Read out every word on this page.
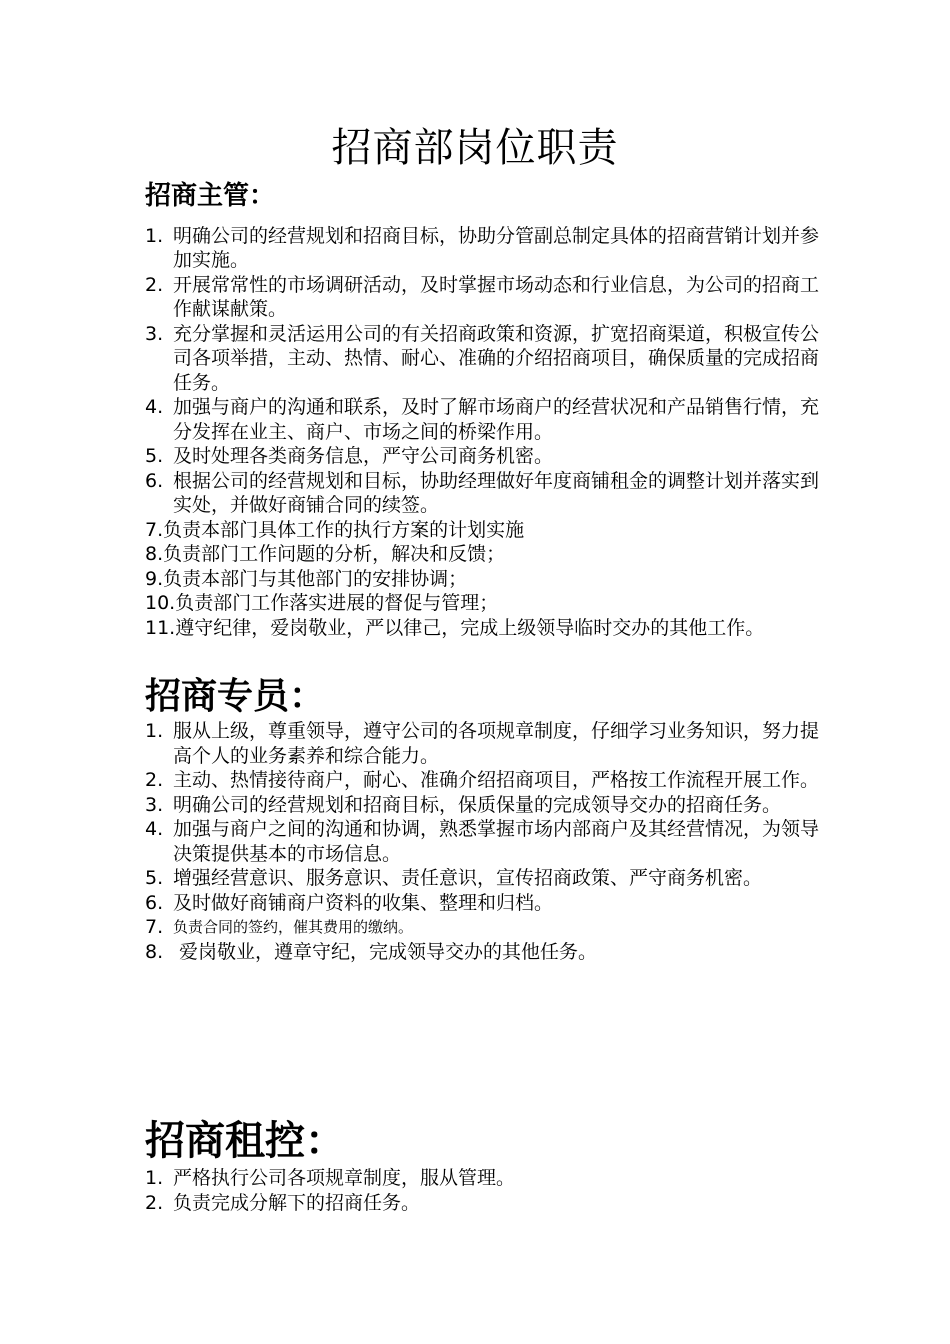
招商部岗位职责
招商主管：
1. 明确公司的经营规划和招商目标，协助分管副总制定具体的招商营销计划并参加实施。
2. 开展常常性的市场调研活动，及时掌握市场动态和行业信息，为公司的招商工作献谋献策。
3. 充分掌握和灵活运用公司的有关招商政策和资源，扩宽招商渠道，积极宣传公司各项举措，主动、热情、耐心、准确的介绍招商项目，确保质量的完成招商任务。
4. 加强与商户的沟通和联系，及时了解市场商户的经营状况和产品销售行情，充分发挥在业主、商户、市场之间的桥梁作用。
5. 及时处理各类商务信息，严守公司商务机密。
6. 根据公司的经营规划和目标，协助经理做好年度商铺租金的调整计划并落实到实处，并做好商铺合同的续签。
7.负责本部门具体工作的执行方案的计划实施
8.负责部门工作问题的分析，解决和反馈；
9.负责本部门与其他部门的安排协调；
10.负责部门工作落实进展的督促与管理；
11.遵守纪律，爱岗敬业，严以律己，完成上级领导临时交办的其他工作。
招商专员：
1. 服从上级，尊重领导，遵守公司的各项规章制度，仔细学习业务知识，努力提高个人的业务素养和综合能力。
2. 主动、热情接待商户，耐心、准确介绍招商项目，严格按工作流程开展工作。
3. 明确公司的经营规划和招商目标，保质保量的完成领导交办的招商任务。
4. 加强与商户之间的沟通和协调，熟悉掌握市场内部商户及其经营情况，为领导决策提供基本的市场信息。
5. 增强经营意识、服务意识、责任意识，宣传招商政策、严守商务机密。
6. 及时做好商铺商户资料的收集、整理和归档。
7. 负责合同的签约，催其费用的缴纳。
8. 爱岗敬业，遵章守纪，完成领导交办的其他任务。
招商租控：
1. 严格执行公司各项规章制度，服从管理。
2. 负责完成分解下的招商任务。
